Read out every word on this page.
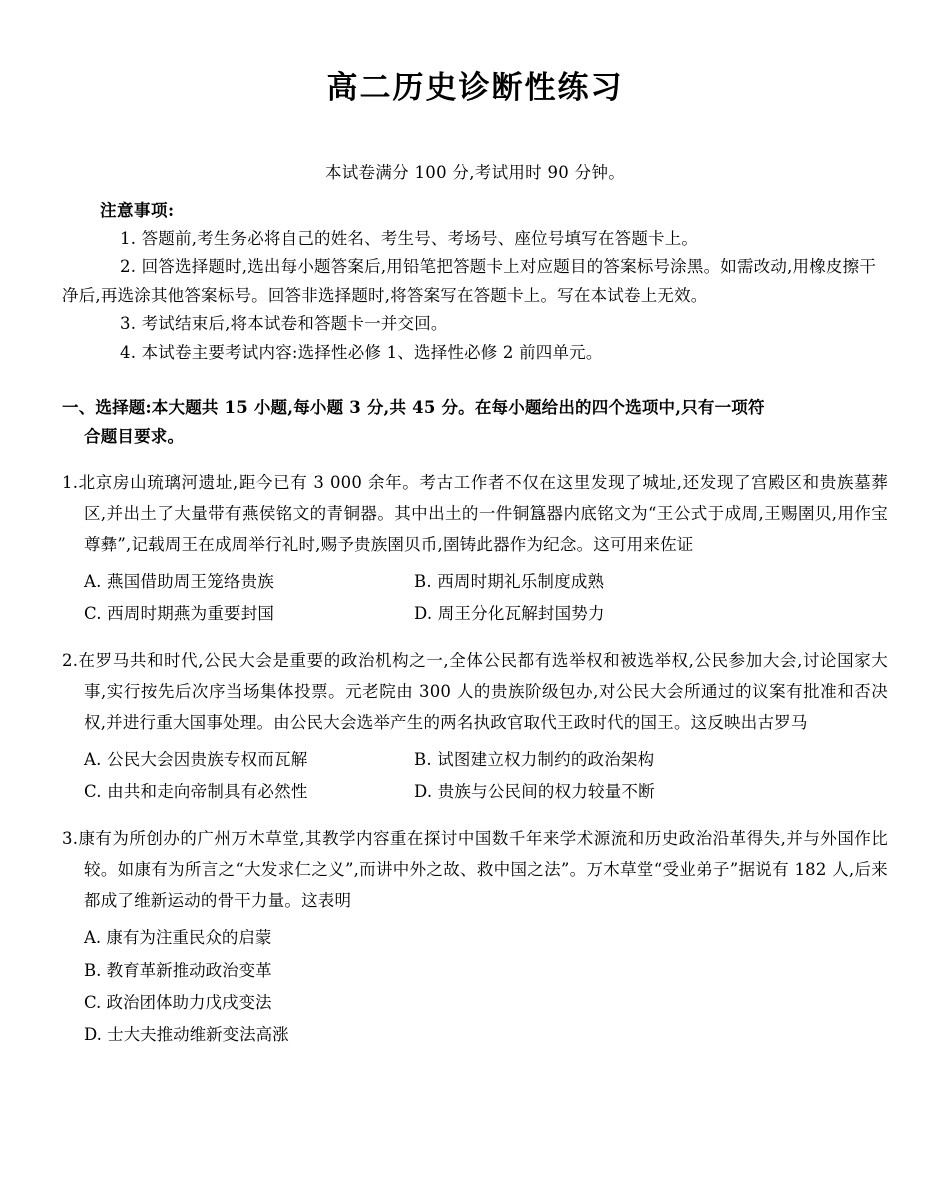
高二历史诊断性练习
本试卷满分 100 分,考试用时 90 分钟。
注意事项:
1. 答题前,考生务必将自己的姓名、考生号、考场号、座位号填写在答题卡上。
2. 回答选择题时,选出每小题答案后,用铅笔把答题卡上对应题目的答案标号涂黑。如需改动,用橡皮擦干净后,再选涂其他答案标号。回答非选择题时,将答案写在答题卡上。写在本试卷上无效。
3. 考试结束后,将本试卷和答题卡一并交回。
4. 本试卷主要考试内容:选择性必修 1、选择性必修 2 前四单元。
一、选择题:本大题共 15 小题,每小题 3 分,共 45 分。在每小题给出的四个选项中,只有一项符
合题目要求。
1.北京房山琉璃河遗址,距今已有 3 000 余年。考古工作者不仅在这里发现了城址,还发现了宫殿区和贵族墓葬区,并出土了大量带有燕侯铭文的青铜器。其中出土的一件铜簋器内底铭文为“王公式于成周,王赐圉贝,用作宝尊彝”,记载周王在成周举行礼时,赐予贵族圉贝币,圉铸此器作为纪念。这可用来佐证
A. 燕国借助周王笼络贵族	B. 西周时期礼乐制度成熟
C. 西周时期燕为重要封国	D. 周王分化瓦解封国势力
2.在罗马共和时代,公民大会是重要的政治机构之一,全体公民都有选举权和被选举权,公民参加大会,讨论国家大事,实行按先后次序当场集体投票。元老院由 300 人的贵族阶级包办,对公民大会所通过的议案有批准和否决权,并进行重大国事处理。由公民大会选举产生的两名执政官取代王政时代的国王。这反映出古罗马
A. 公民大会因贵族专权而瓦解	B. 试图建立权力制约的政治架构
C. 由共和走向帝制具有必然性	D. 贵族与公民间的权力较量不断
3.康有为所创办的广州万木草堂,其教学内容重在探讨中国数千年来学术源流和历史政治沿革得失,并与外国作比较。如康有为所言之“大发求仁之义”,而讲中外之故、救中国之法”。万木草堂“受业弟子”据说有 182 人,后来都成了维新运动的骨干力量。这表明
A. 康有为注重民众的启蒙
B. 教育革新推动政治变革
C. 政治团体助力戊戌变法
D. 士大夫推动维新变法高涨
